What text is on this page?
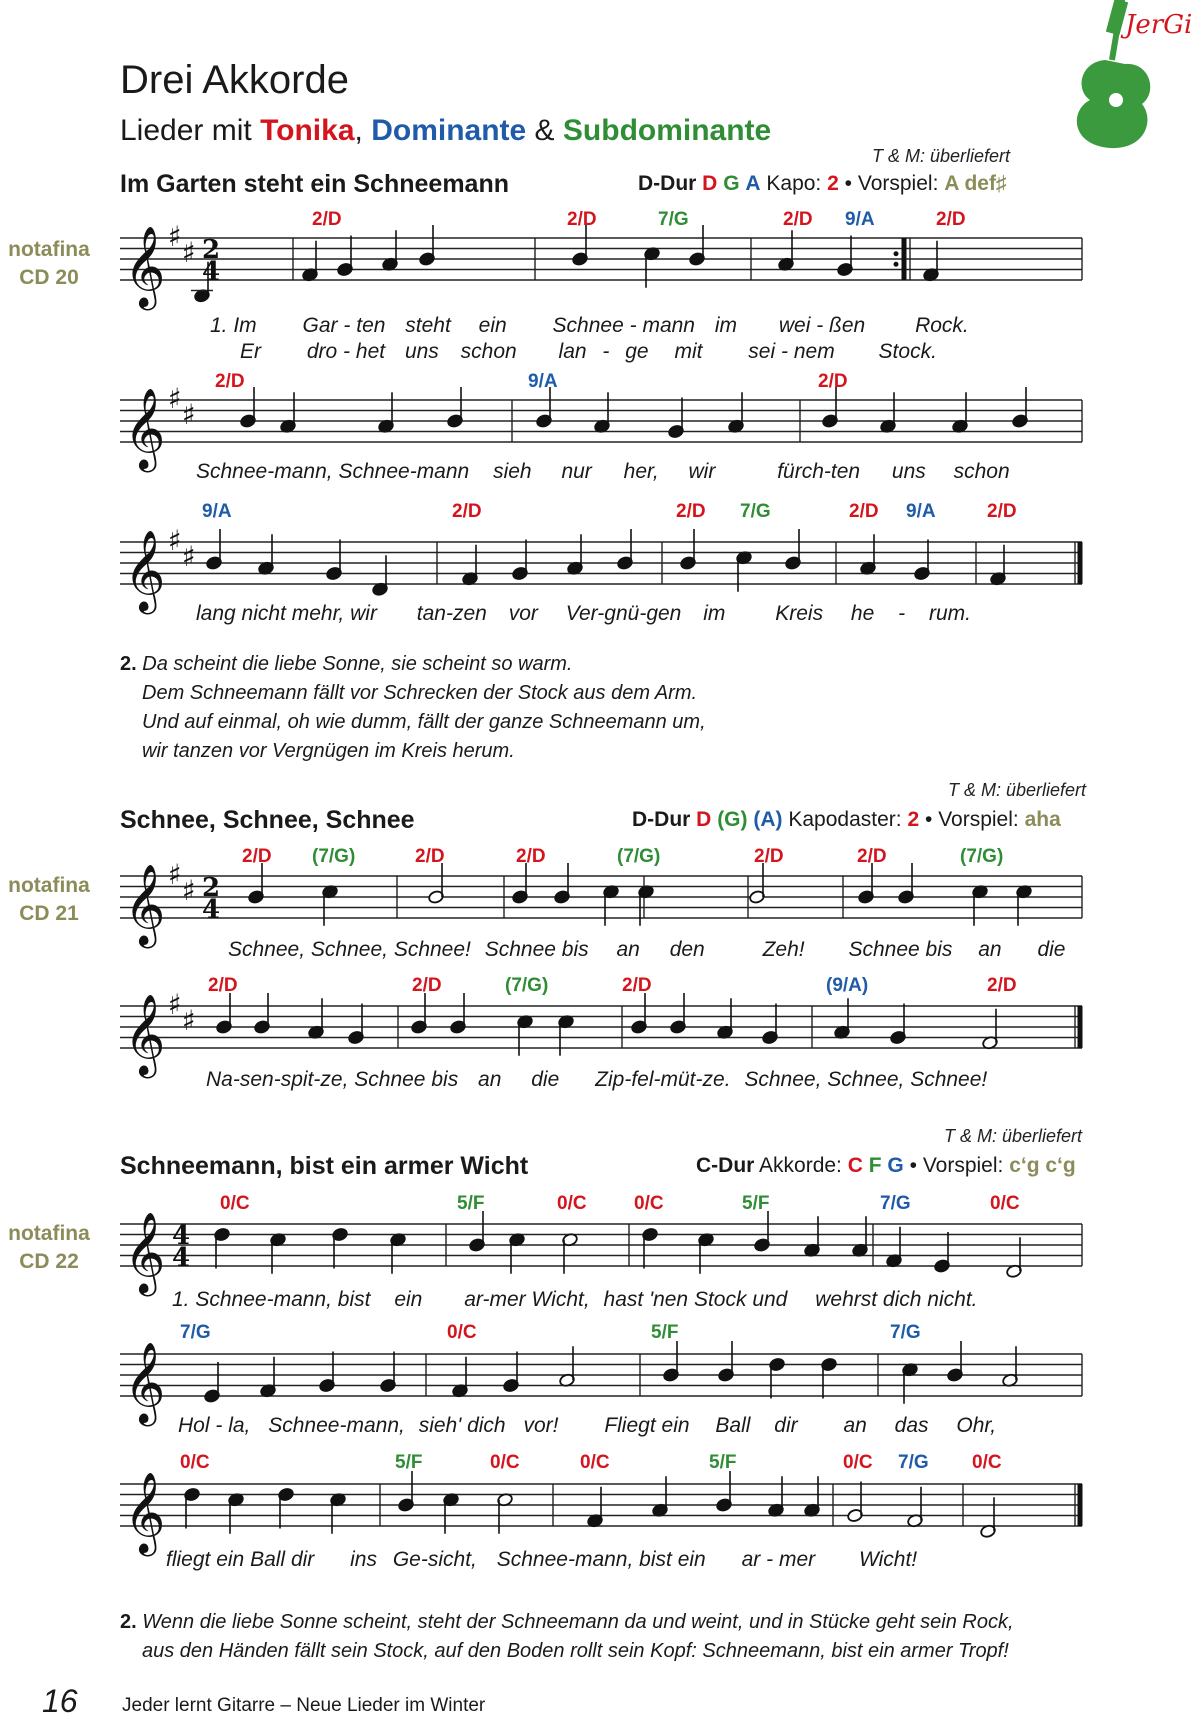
JerGi
Drei Akkorde
Lieder mit Tonika, Dominante & Subdominante
T & M: überliefert
Im Garten steht ein Schneemann	D-Dur D G A Kapo: 2 • Vorspiel: A def♯
notafina
CD 20
T & M: überliefert
Schnee, Schnee, Schnee	D-Dur D (G) (A) Kapodaster: 2 • Vorspiel: aha
notafina
CD 21
T & M: überliefert
Schneemann, bist ein armer Wicht	C-Dur Akkorde: C F G • Vorspiel: c‘g c‘g
notafina
CD 22
𝄞 ♯ ♯ 2
4
2/D	2/D	7/G	2/D 9/A	2/D
𝄞 ♯ ♯
2/D	9/A	2/D
𝄞 ♯ ♯
9/A	2/D	2/D 7/G	2/D 9/A	2/D
𝄞 ♯ ♯ 2
4
2/D (7/G)	2/D	2/D	(7/G)	2/D	2/D	(7/G)
𝄞 ♯ ♯
2/D	2/D	(7/G)	2/D	(9/A)	2/D
𝄞 4
4
0/C	5/F	0/C 0/C	5/F	7/G	0/C
𝄞
7/G	0/C	5/F	7/G
𝄞
0/C	5/F	0/C	0/C	5/F	0/C 7/G 0/C
1. Im Gar - ten steht ein Schnee - mann im wei - ßen Rock.
Er dro - het uns schon lan - ge mit sei - nem Stock.
Schnee-mann, Schnee-mann sieh nur her, wir	fürch-ten uns schon
lang nicht mehr, wir tan-zen vor Ver-gnü-gen im Kreis he - rum.
2. Da scheint die liebe Sonne, sie scheint so warm.
Dem Schneemann fällt vor Schrecken der Stock aus dem Arm.
Und auf einmal, oh wie dumm, fällt der ganze Schneemann um,
wir tanzen vor Vergnügen im Kreis herum.
Schnee, Schnee, Schnee! Schnee bis an den	Zeh! Schnee bis an die
Na-sen-spit-ze, Schnee bis an die Zip-fel-müt-ze. Schnee, Schnee, Schnee!
1. Schnee-mann, bist ein ar-mer Wicht, hast 'nen Stock und wehrst dich nicht.
Hol - la, Schnee-mann, sieh' dich vor! Fliegt ein Ball dir an das Ohr,
fliegt ein Ball dir ins Ge-sicht, Schnee-mann, bist ein ar - mer Wicht!
2. Wenn die liebe Sonne scheint, steht der Schneemann da und weint, und in Stücke geht sein Rock,
aus den Händen fällt sein Stock, auf den Boden rollt sein Kopf: Schneemann, bist ein armer Tropf!
16 Jeder lernt Gitarre – Neue Lieder im Winter
